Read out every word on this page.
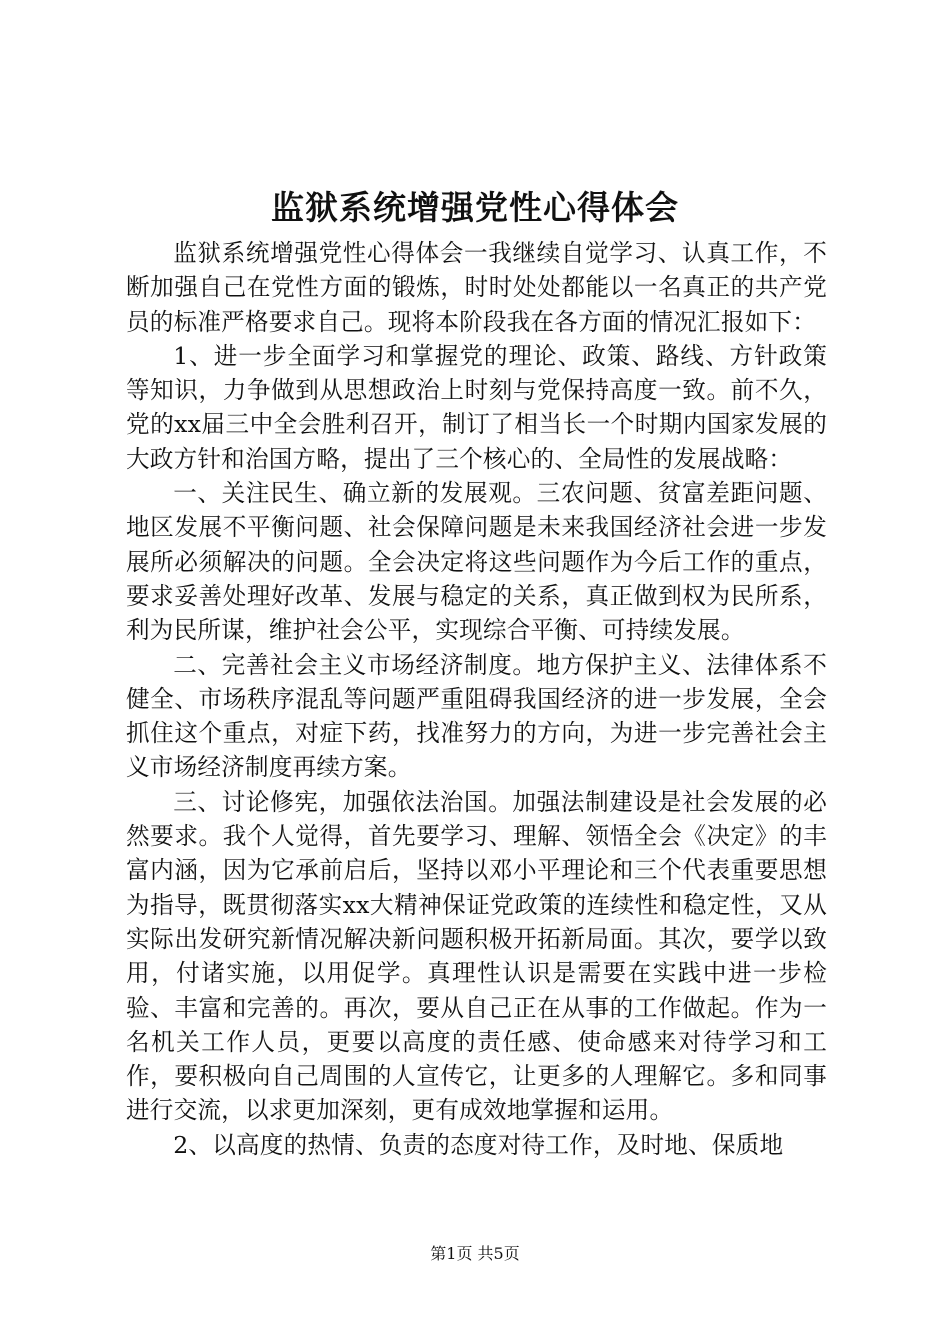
监狱系统增强党性心得体会

监狱系统增强党性心得体会一我继续自觉学习、认真工作，不断加强自己在党性方面的锻炼，时时处处都能以一名真正的共产党员的标准严格要求自己。现将本阶段我在各方面的情况汇报如下：

1、进一步全面学习和掌握党的理论、政策、路线、方针政策等知识，力争做到从思想政治上时刻与党保持高度一致。前不久，党的xx届三中全会胜利召开，制订了相当长一个时期内国家发展的大政方针和治国方略，提出了三个核心的、全局性的发展战略：

一、关注民生、确立新的发展观。三农问题、贫富差距问题、地区发展不平衡问题、社会保障问题是未来我国经济社会进一步发展所必须解决的问题。全会决定将这些问题作为今后工作的重点，要求妥善处理好改革、发展与稳定的关系，真正做到权为民所系，利为民所谋，维护社会公平，实现综合平衡、可持续发展。

二、完善社会主义市场经济制度。地方保护主义、法律体系不健全、市场秩序混乱等问题严重阻碍我国经济的进一步发展，全会抓住这个重点，对症下药，找准努力的方向，为进一步完善社会主义市场经济制度再续方案。

三、讨论修宪，加强依法治国。加强法制建设是社会发展的必然要求。我个人觉得，首先要学习、理解、领悟全会《决定》的丰富内涵，因为它承前启后，坚持以邓小平理论和三个代表重要思想为指导，既贯彻落实xx大精神保证党政策的连续性和稳定性，又从实际出发研究新情况解决新问题积极开拓新局面。其次，要学以致用，付诸实施，以用促学。真理性认识是需要在实践中进一步检验、丰富和完善的。再次，要从自己正在从事的工作做起。作为一名机关工作人员，更要以高度的责任感、使命感来对待学习和工作，要积极向自己周围的人宣传它，让更多的人理解它。多和同事进行交流，以求更加深刻，更有成效地掌握和运用。

2、以高度的热情、负责的态度对待工作，及时地、保质地

第1页 共5页
